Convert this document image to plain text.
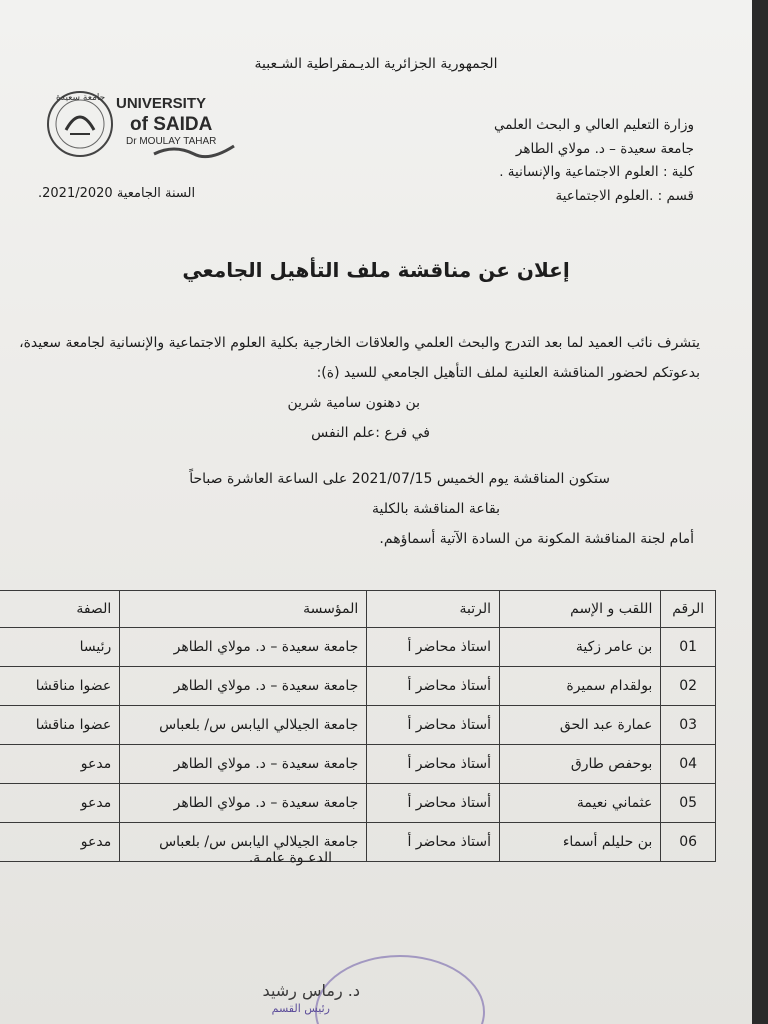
الجمهورية الجزائرية الديـمقراطية الشـعبية
UNIVERSITY
of SAIDA
Dr MOULAY TAHAR
جامعة سعيدة
وزارة التعليم العالي و البحث العلمي
جامعة سعيدة – د. مولاي الطاهر
كلية : العلوم الاجتماعية والإنسانية .
قسم : .العلوم الاجتماعية
السنة الجامعية 2021/2020.
إعلان عن مناقشة ملف التأهيل الجامعي
يتشرف نائب العميد لما بعد التدرج والبحث العلمي والعلاقات الخارجية بكلية العلوم الاجتماعية والإنسانية لجامعة سعيدة، بدعوتكم لحضور المناقشة العلنية لملف التأهيل الجامعي للسيد (ة):
بن دهنون سامية شرين
في فرع :علم النفس
ستكون المناقشة يوم الخميس 2021/07/15 على الساعة العاشرة صباحاً
بقاعة المناقشة بالكلية
أمام لجنة المناقشة المكونة من السادة الآتية أسماؤهم.
الرقم	اللقب و الإسم	الرتبة	المؤسسة	الصفة
01	بن عامر زكية	استاذ محاضر أ	جامعة سعيدة – د. مولاي الطاهر	رئيسا
02	بولقدام سميرة	أستاذ محاضر أ	جامعة سعيدة – د. مولاي الطاهر	عضوا مناقشا
03	عمارة عبد الحق	أستاذ محاضر أ	جامعة الجيلالي اليابس س/ بلعباس	عضوا مناقشا
04	بوحفص طارق	أستاذ محاضر أ	جامعة سعيدة – د. مولاي الطاهر	مدعو
05	عثماني نعيمة	أستاذ محاضر أ	جامعة سعيدة – د. مولاي الطاهر	مدعو
06	بن حليلم أسماء	أستاذ محاضر أ	جامعة الجيلالي اليابس س/ بلعباس	مدعو
الدعـوة عامـة.
د. رماس رشيد
رئيس القسم
